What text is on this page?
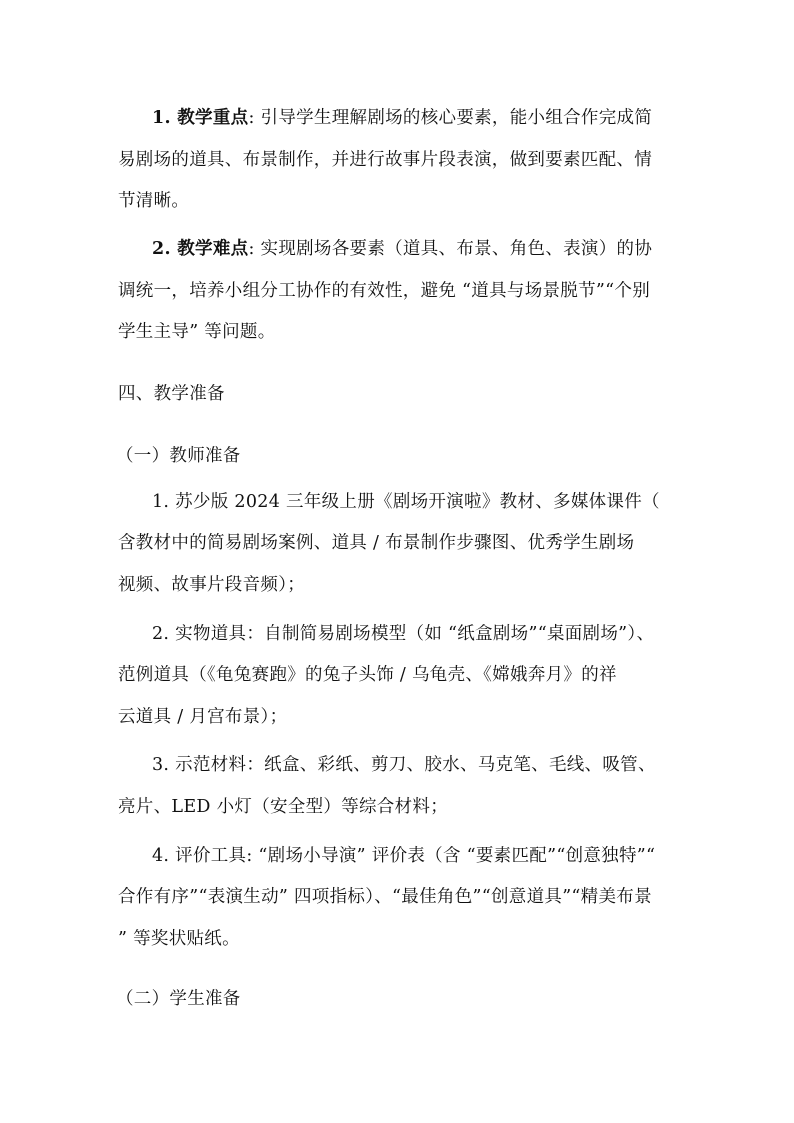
1. 教学重点: 引导学生理解剧场的核心要素，能小组合作完成简
易剧场的道具、布景制作，并进行故事片段表演，做到要素匹配、情
节清晰。
2. 教学难点: 实现剧场各要素（道具、布景、角色、表演）的协
调统一，培养小组分工协作的有效性，避免 “道具与场景脱节”“个别
学生主导” 等问题。
四、教学准备
（一）教师准备
1. 苏少版 2024 三年级上册《剧场开演啦》教材、多媒体课件（
含教材中的简易剧场案例、道具 / 布景制作步骤图、优秀学生剧场
视频、故事片段音频）；
2. 实物道具：自制简易剧场模型（如 “纸盒剧场”“桌面剧场”）、
范例道具（《龟兔赛跑》的兔子头饰 / 乌龟壳、《嫦娥奔月》的祥
云道具 / 月宫布景）；
3. 示范材料：纸盒、彩纸、剪刀、胶水、马克笔、毛线、吸管、
亮片、LED 小灯（安全型）等综合材料；
4. 评价工具: “剧场小导演” 评价表（含 “要素匹配”“创意独特”“
合作有序”“表演生动” 四项指标）、“最佳角色”“创意道具”“精美布景
” 等奖状贴纸。
（二）学生准备
